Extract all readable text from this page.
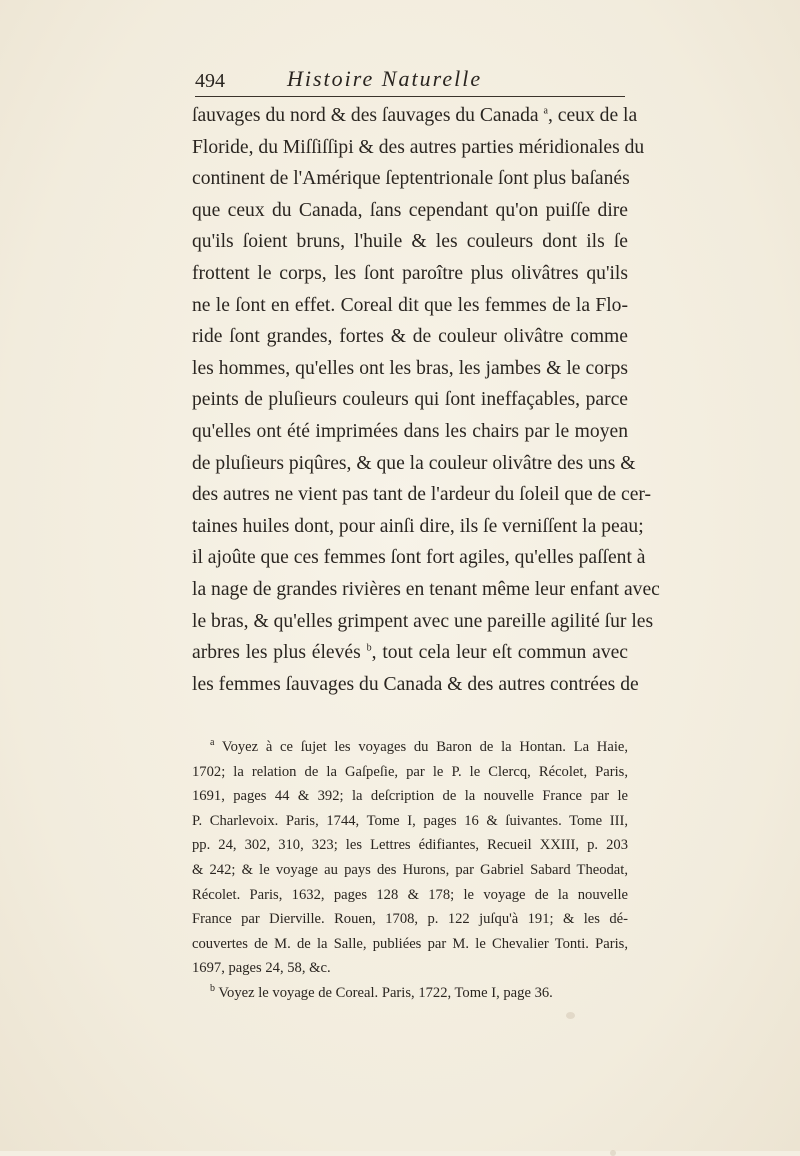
494	Histoire Naturelle
ſauvages du nord & des ſauvages du Canada $^a$, ceux de la
Floride, du Miſſiſſipi & des autres parties méridionales du
continent de l'Amérique ſeptentrionale ſont plus baſanés
que ceux du Canada, ſans cependant qu'on puiſſe dire
qu'ils ſoient bruns, l'huile & les couleurs dont ils ſe
frottent le corps, les ſont paroître plus olivâtres qu'ils
ne le ſont en effet. Coreal dit que les femmes de la Flo-
ride ſont grandes, fortes & de couleur olivâtre comme
les hommes, qu'elles ont les bras, les jambes & le corps
peints de pluſieurs couleurs qui ſont ineffaçables, parce
qu'elles ont été imprimées dans les chairs par le moyen
de pluſieurs piqûres, & que la couleur olivâtre des uns &
des autres ne vient pas tant de l'ardeur du ſoleil que de cer-
taines huiles dont, pour ainſi dire, ils ſe verniſſent la peau;
il ajoûte que ces femmes ſont fort agiles, qu'elles paſſent à
la nage de grandes rivières en tenant même leur enfant avec
le bras, & qu'elles grimpent avec une pareille agilité ſur les
arbres les plus élevés $^b$, tout cela leur eſt commun avec
les femmes ſauvages du Canada & des autres contrées de
$^a$ Voyez à ce ſujet les voyages du Baron de la Hontan. La Haie,
1702; la relation de la Gaſpeſie, par le P. le Clercq, Récolet, Paris,
1691, pages 44 & 392; la deſcription de la nouvelle France par le
P. Charlevoix. Paris, 1744, Tome I, pages 16 & ſuivantes. Tome III,
pp. 24, 302, 310, 323; les Lettres édifiantes, Recueil XXIII, p. 203
& 242; & le voyage au pays des Hurons, par Gabriel Sabard Theodat,
Récolet. Paris, 1632, pages 128 & 178; le voyage de la nouvelle
France par Dierville. Rouen, 1708, p. 122 juſqu'à 191; & les dé-
couvertes de M. de la Salle, publiées par M. le Chevalier Tonti. Paris,
1697, pages 24, 58, &c.
$^b$ Voyez le voyage de Coreal. Paris, 1722, Tome I, page 36.
